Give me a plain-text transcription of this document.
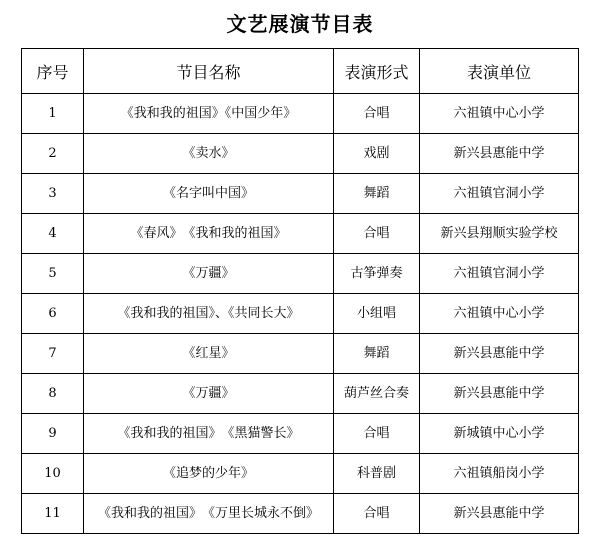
文艺展演节目表
序号	节目名称	表演形式	表演单位
1	《我和我的祖国》《中国少年》	合唱	六祖镇中心小学
2	《卖水》	戏剧	新兴县惠能中学
3	《名字叫中国》	舞蹈	六祖镇官洞小学
4	《春风》　《我和我的祖国》	合唱	新兴县翔顺实验学校
5	《万疆》	古筝弹奏	六祖镇官洞小学
6	《我和我的祖国》、《共同长大》	小组唱	六祖镇中心小学
7	《红星》	舞蹈	新兴县惠能中学
8	《万疆》	葫芦丝合奏	新兴县惠能中学
9	《我和我的祖国》　《黑猫警长》	合唱	新城镇中心小学
10	《追梦的少年》	科普剧	六祖镇船岗小学
11	《我和我的祖国》　《万里长城永不倒》	合唱	新兴县惠能中学
